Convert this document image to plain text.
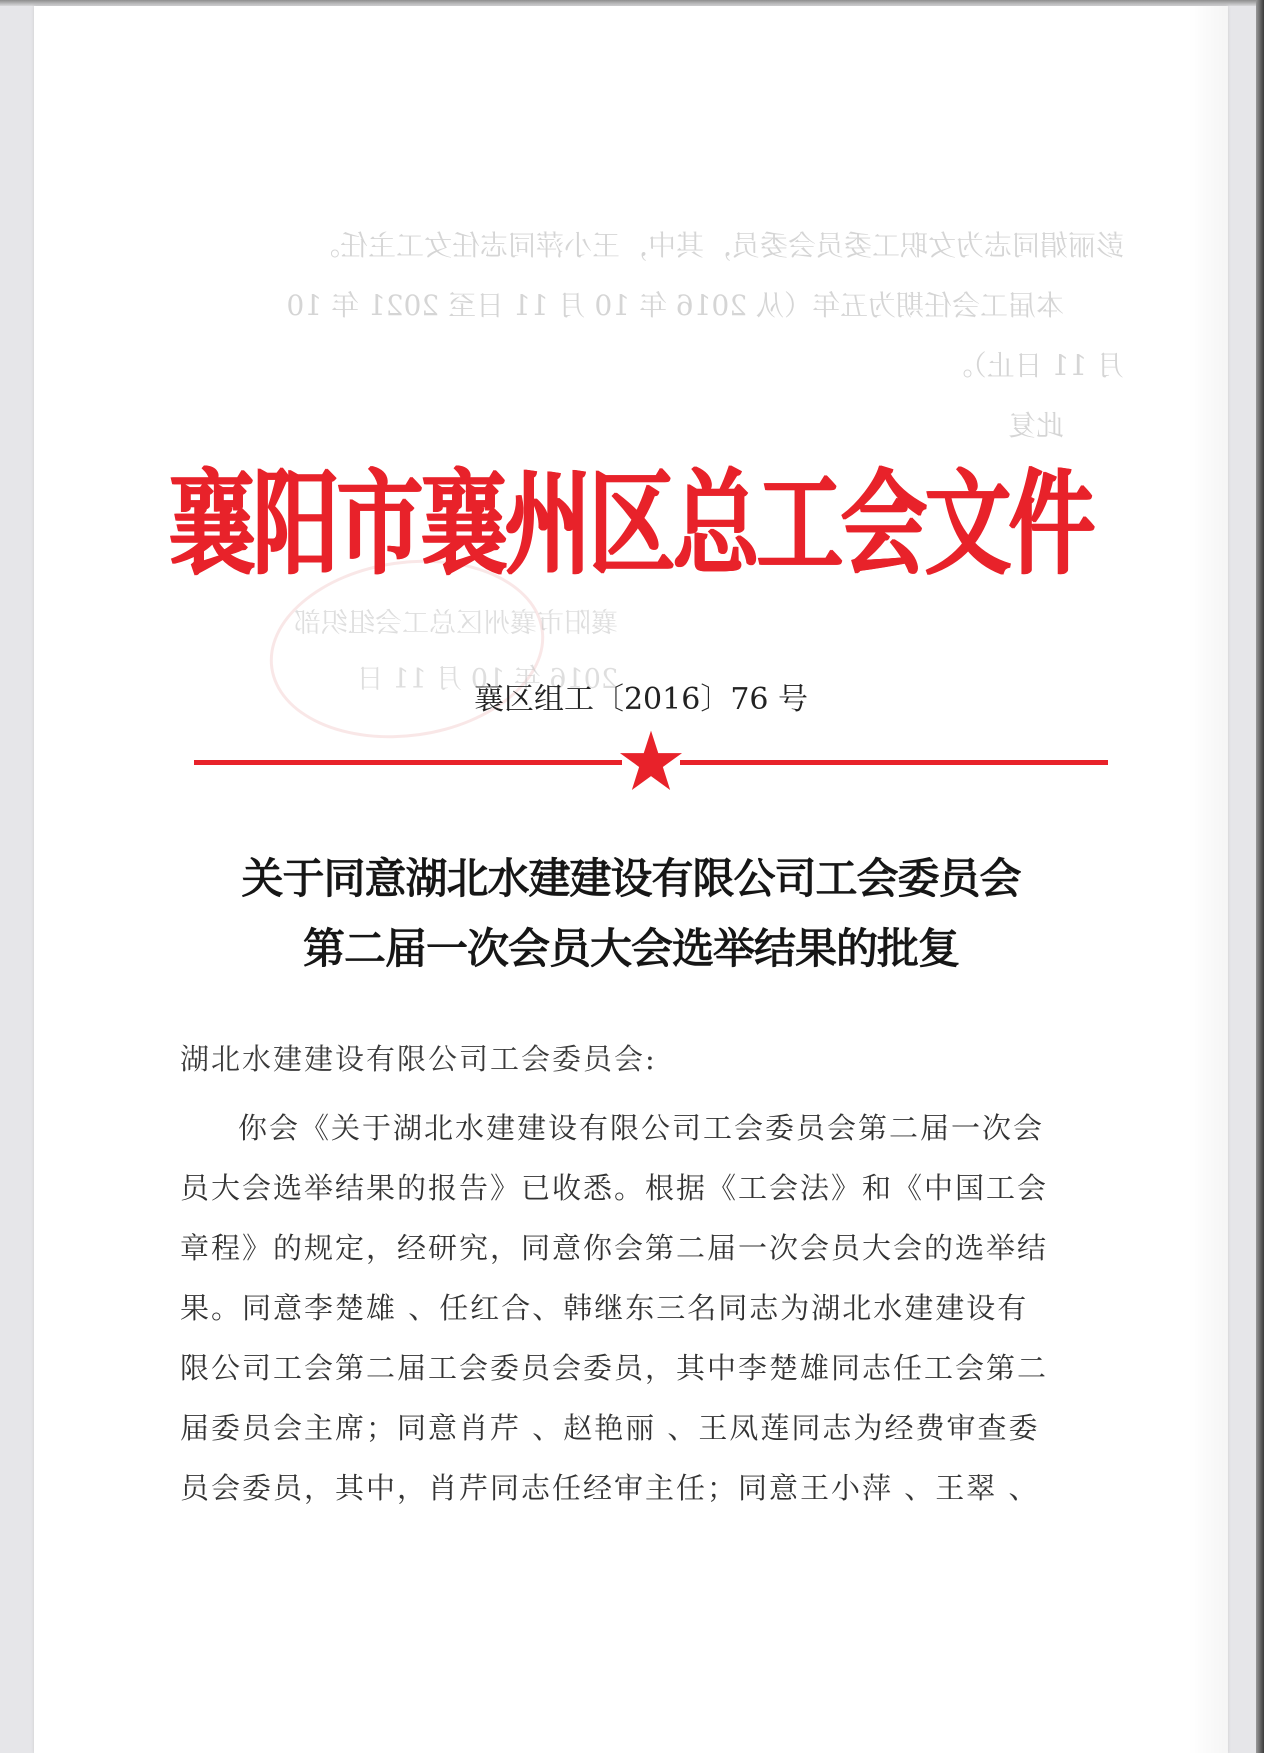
彭丽娟同志为女职工委员会委员，其中，王小萍同志任女工主任。
本届工会任期为五年（从 2016 年 10 月 11 日至 2021 年 10
月 11 日止）。
此复
襄阳市襄州区总工会组织部
2016 年 10 月 11 日
襄阳市襄州区总工会文件
襄区组工〔2016〕76 号
关于同意湖北水建建设有限公司工会委员会
第二届一次会员大会选举结果的批复
湖北水建建设有限公司工会委员会:
你会《关于湖北水建建设有限公司工会委员会第二届一次会
员大会选举结果的报告》已收悉。根据《工会法》和《中国工会
章程》的规定，经研究，同意你会第二届一次会员大会的选举结
果。同意李楚雄 、任红合、韩继东三名同志为湖北水建建设有
限公司工会第二届工会委员会委员，其中李楚雄同志任工会第二
届委员会主席；同意肖芹 、赵艳丽 、王凤莲同志为经费审查委
员会委员，其中，肖芹同志任经审主任；同意王小萍 、王翠 、
